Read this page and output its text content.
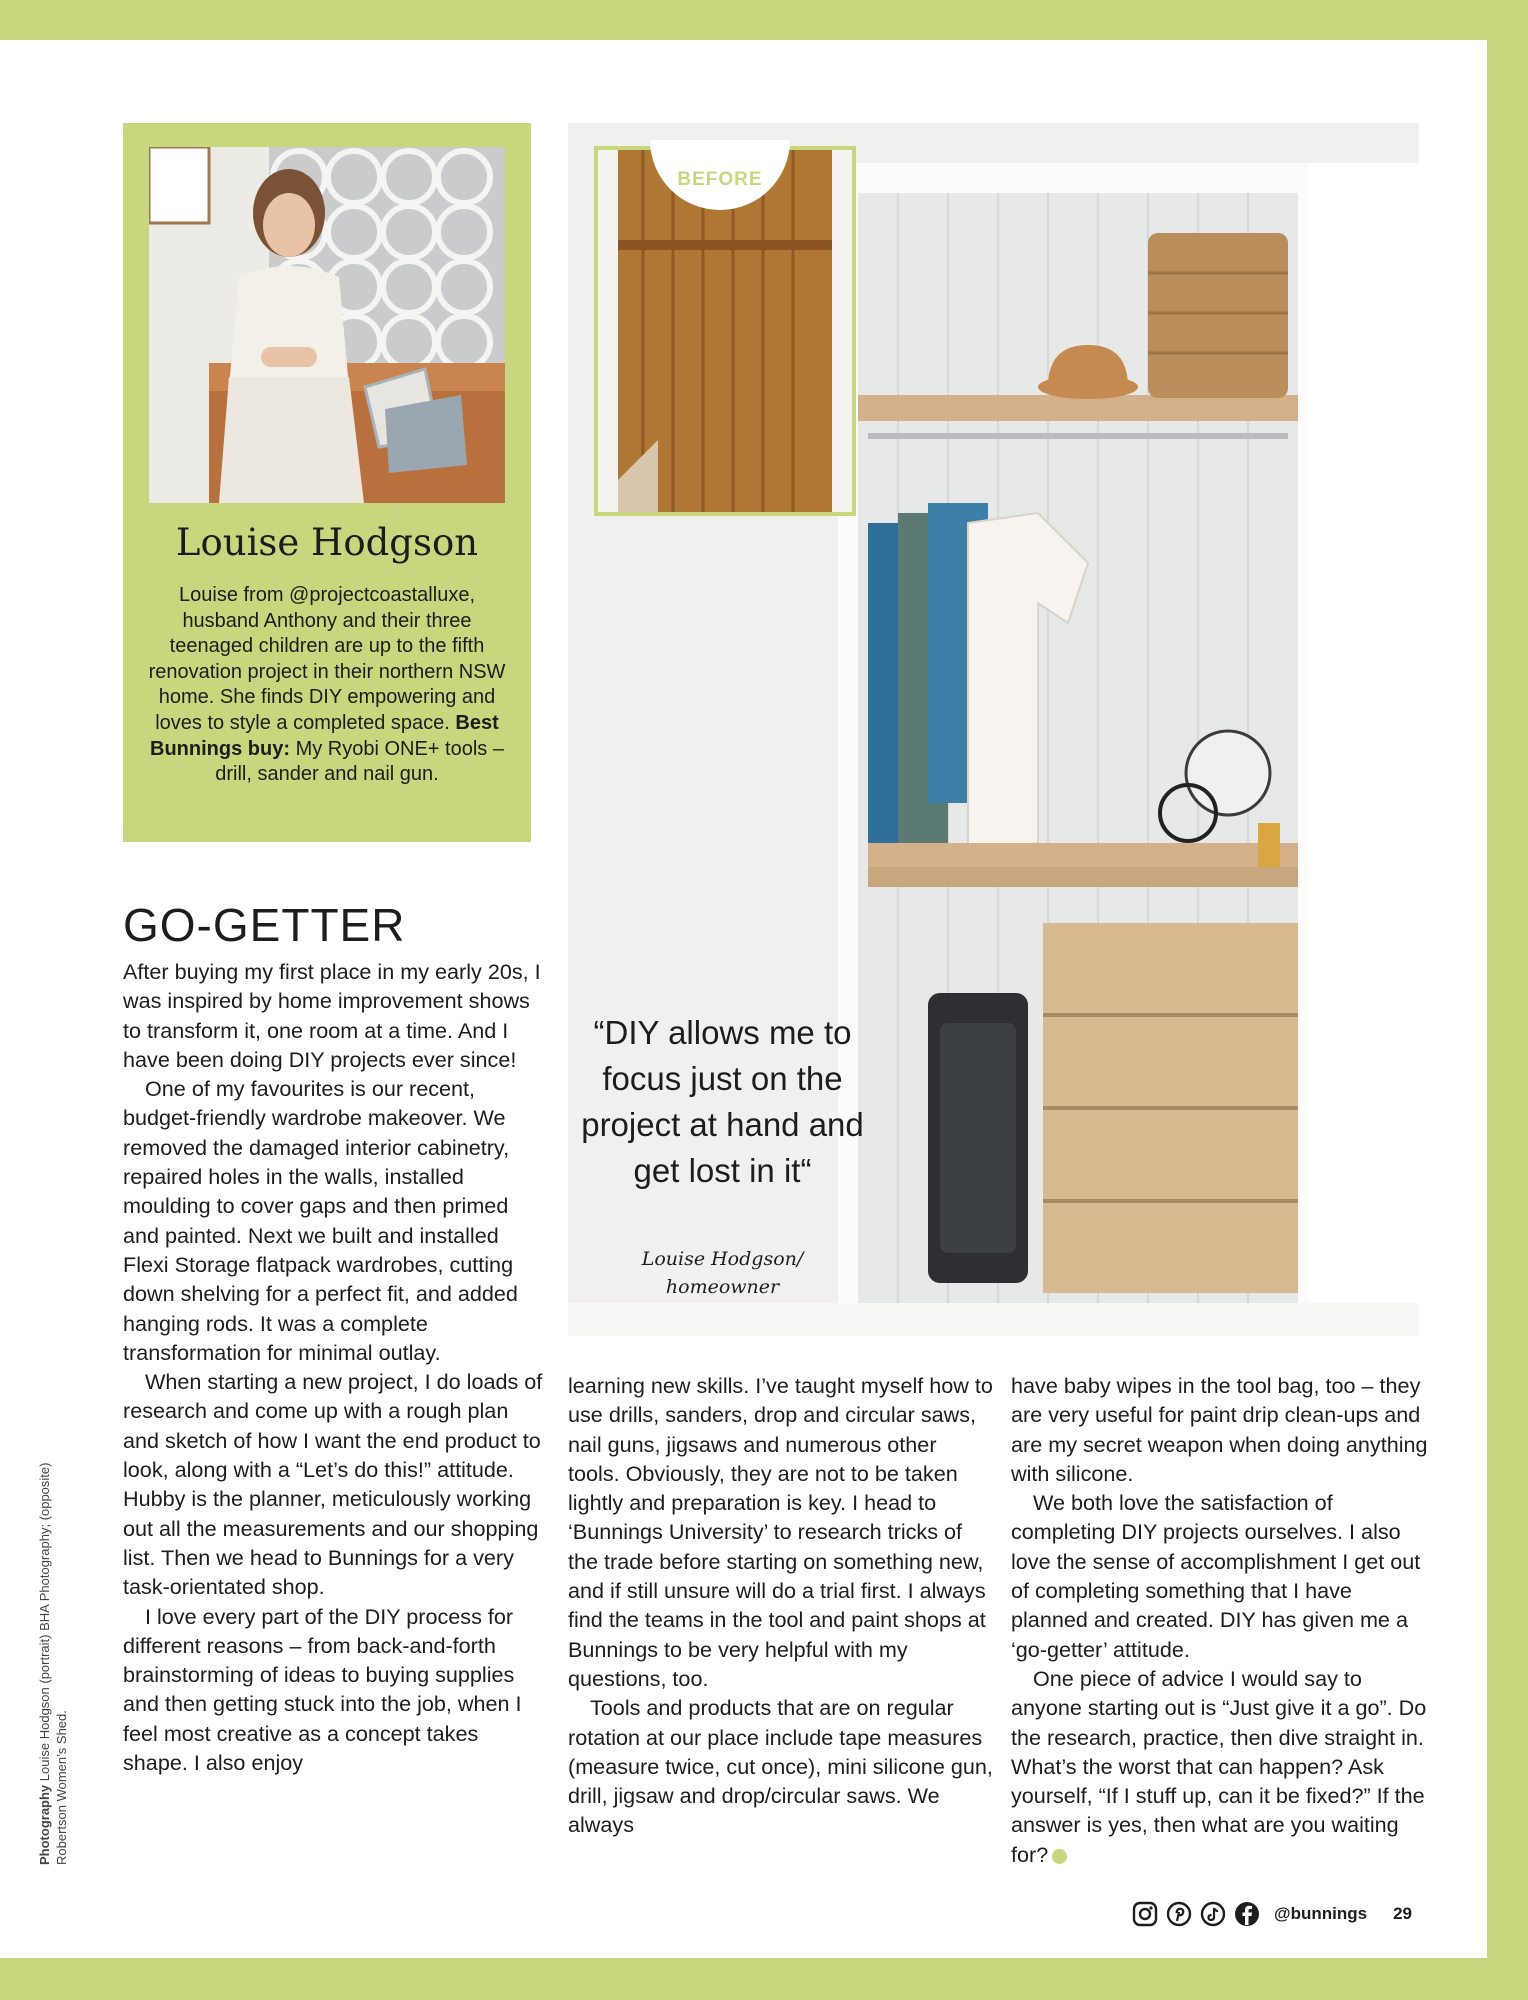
Louise Hodgson

Louise from @projectcoastalluxe, husband Anthony and their three teenaged children are up to the fifth renovation project in their northern NSW home. She finds DIY empowering and loves to style a completed space. Best Bunnings buy: My Ryobi ONE+ tools – drill, sander and nail gun.

BEFORE

“DIY allows me to focus just on the project at hand and get lost in it“

Louise Hodgson/
homeowner
GO-GETTER

After buying my first place in my early 20s, I was inspired by home improvement shows to transform it, one room at a time. And I have been doing DIY projects ever since!

One of my favourites is our recent, budget-friendly wardrobe makeover. We removed the damaged interior cabinetry, repaired holes in the walls, installed moulding to cover gaps and then primed and painted. Next we built and installed Flexi Storage flatpack wardrobes, cutting down shelving for a perfect fit, and added hanging rods. It was a complete transformation for minimal outlay.

When starting a new project, I do loads of research and come up with a rough plan and sketch of how I want the end product to look, along with a “Let’s do this!” attitude. Hubby is the planner, meticulously working out all the measurements and our shopping list. Then we head to Bunnings for a very task-orientated shop.

I love every part of the DIY process for different reasons – from back-and-forth brainstorming of ideas to buying supplies and then getting stuck into the job, when I feel most creative as a concept takes shape. I also enjoy

learning new skills. I’ve taught myself how to use drills, sanders, drop and circular saws, nail guns, jigsaws and numerous other tools. Obviously, they are not to be taken lightly and preparation is key. I head to ‘Bunnings University’ to research tricks of the trade before starting on something new, and if still unsure will do a trial first. I always find the teams in the tool and paint shops at Bunnings to be very helpful with my questions, too.

Tools and products that are on regular rotation at our place include tape measures (measure twice, cut once), mini silicone gun, drill, jigsaw and drop/circular saws. We always

have baby wipes in the tool bag, too – they are very useful for paint drip clean-ups and are my secret weapon when doing anything with silicone.

We both love the satisfaction of completing DIY projects ourselves. I also love the sense of accomplishment I get out of completing something that I have planned and created. DIY has given me a ‘go-getter’ attitude.

One piece of advice I would say to anyone starting out is “Just give it a go”. Do the research, practice, then dive straight in. What’s the worst that can happen? Ask yourself, “If I stuff up, can it be fixed?” If the answer is yes, then what are you waiting for?

Photography Louise Hodgson (portrait) BHA Photography; (opposite) Robertson Women’s Shed.
@bunnings 29
